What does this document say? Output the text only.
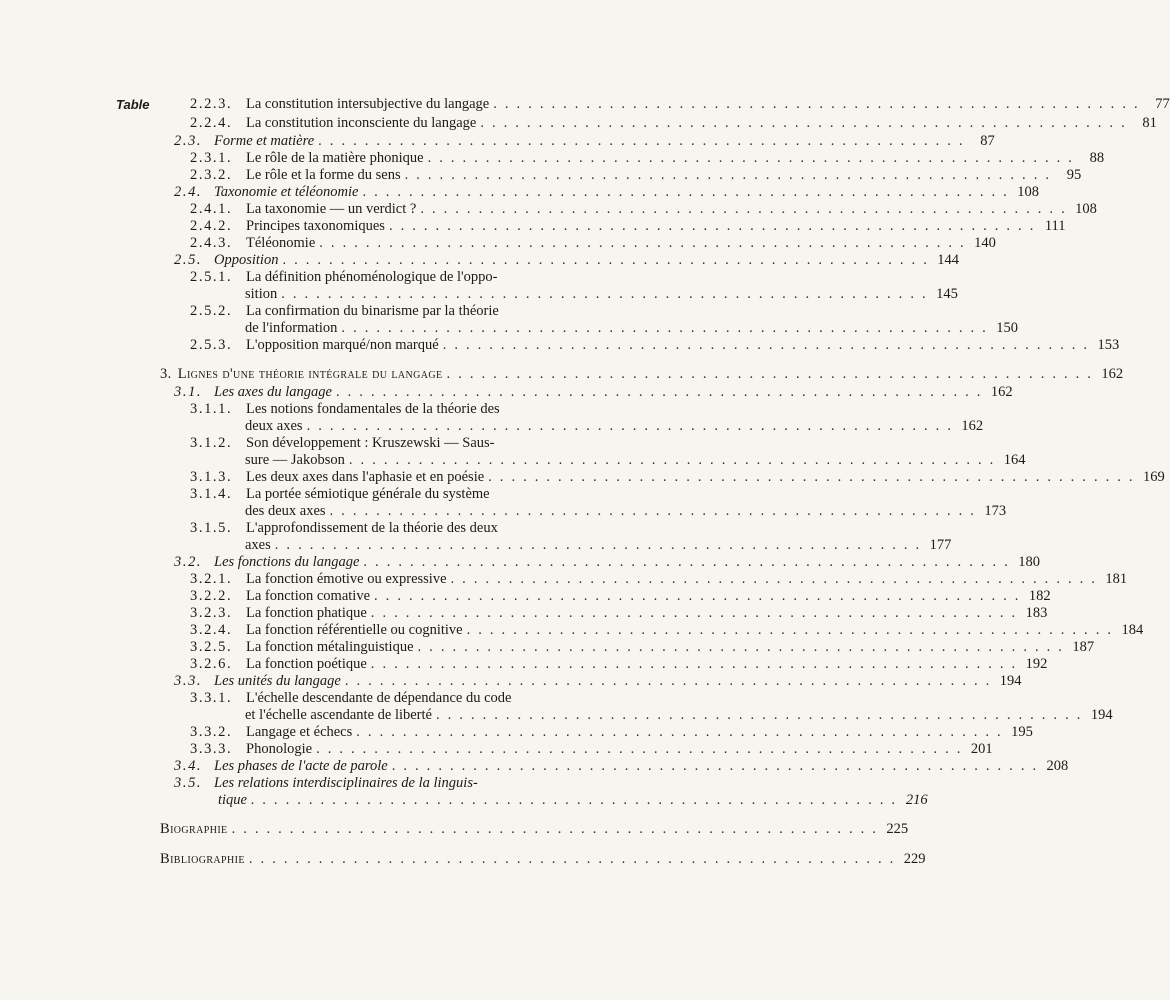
Table	2.2.3. La constitution intersubjective du langage . . . . . . . . . . . . . . . . . . . . . . . . . . . . . . . . . . . . . . . . . . . . . . . . . . . . . . . .	77
2.2.4. La constitution inconsciente du langage . . . . . . . . . . . . . . . . . . . . . . . . . . . . . . . . . . . . . . . . . . . . . . . . . . . . . . . .	81
2.3. Forme et matière . . . . . . . . . . . . . . . . . . . . . . . . . . . . . . . . . . . . . . . . . . . . . . . . . . . . . . . .	87
2.3.1. Le rôle de la matière phonique . . . . . . . . . . . . . . . . . . . . . . . . . . . . . . . . . . . . . . . . . . . . . . . . . . . . . . . .	88
2.3.2. Le rôle et la forme du sens . . . . . . . . . . . . . . . . . . . . . . . . . . . . . . . . . . . . . . . . . . . . . . . . . . . . . . . .	95
2.4. Taxonomie et téléonomie . . . . . . . . . . . . . . . . . . . . . . . . . . . . . . . . . . . . . . . . . . . . . . . . . . . . . . . . 108
2.4.1. La taxonomie — un verdict ? . . . . . . . . . . . . . . . . . . . . . . . . . . . . . . . . . . . . . . . . . . . . . . . . . . . . . . . . 108
2.4.2. Principes taxonomiques . . . . . . . . . . . . . . . . . . . . . . . . . . . . . . . . . . . . . . . . . . . . . . . . . . . . . . . . 111
2.4.3. Téléonomie . . . . . . . . . . . . . . . . . . . . . . . . . . . . . . . . . . . . . . . . . . . . . . . . . . . . . . . . 140
2.5. Opposition . . . . . . . . . . . . . . . . . . . . . . . . . . . . . . . . . . . . . . . . . . . . . . . . . . . . . . . . 144
2.5.1. La définition phénoménologique de l'oppo-
sition . . . . . . . . . . . . . . . . . . . . . . . . . . . . . . . . . . . . . . . . . . . . . . . . . . . . . . . . 145
2.5.2. La confirmation du binarisme par la théorie
de l'information . . . . . . . . . . . . . . . . . . . . . . . . . . . . . . . . . . . . . . . . . . . . . . . . . . . . . . . . 150
2.5.3. L'opposition marqué/non marqué . . . . . . . . . . . . . . . . . . . . . . . . . . . . . . . . . . . . . . . . . . . . . . . . . . . . . . . . 153
3. Lignes d'une théorie intégrale du langage . . . . . . . . . . . . . . . . . . . . . . . . . . . . . . . . . . . . . . . . . . . . . . . . . . . . . . . . 162
3.1. Les axes du langage . . . . . . . . . . . . . . . . . . . . . . . . . . . . . . . . . . . . . . . . . . . . . . . . . . . . . . . . 162
3.1.1. Les notions fondamentales de la théorie des
deux axes . . . . . . . . . . . . . . . . . . . . . . . . . . . . . . . . . . . . . . . . . . . . . . . . . . . . . . . . 162
3.1.2. Son développement : Kruszewski — Saus-
sure — Jakobson . . . . . . . . . . . . . . . . . . . . . . . . . . . . . . . . . . . . . . . . . . . . . . . . . . . . . . . . 164
3.1.3. Les deux axes dans l'aphasie et en poésie . . . . . . . . . . . . . . . . . . . . . . . . . . . . . . . . . . . . . . . . . . . . . . . . . . . . . . . . 169
3.1.4. La portée sémiotique générale du système
des deux axes . . . . . . . . . . . . . . . . . . . . . . . . . . . . . . . . . . . . . . . . . . . . . . . . . . . . . . . . 173
3.1.5. L'approfondissement de la théorie des deux
axes . . . . . . . . . . . . . . . . . . . . . . . . . . . . . . . . . . . . . . . . . . . . . . . . . . . . . . . . 177
3.2. Les fonctions du langage . . . . . . . . . . . . . . . . . . . . . . . . . . . . . . . . . . . . . . . . . . . . . . . . . . . . . . . . 180
3.2.1. La fonction émotive ou expressive . . . . . . . . . . . . . . . . . . . . . . . . . . . . . . . . . . . . . . . . . . . . . . . . . . . . . . . . 181
3.2.2. La fonction comative . . . . . . . . . . . . . . . . . . . . . . . . . . . . . . . . . . . . . . . . . . . . . . . . . . . . . . . . 182
3.2.3. La fonction phatique . . . . . . . . . . . . . . . . . . . . . . . . . . . . . . . . . . . . . . . . . . . . . . . . . . . . . . . . 183
3.2.4. La fonction référentielle ou cognitive . . . . . . . . . . . . . . . . . . . . . . . . . . . . . . . . . . . . . . . . . . . . . . . . . . . . . . . . 184
3.2.5. La fonction métalinguistique . . . . . . . . . . . . . . . . . . . . . . . . . . . . . . . . . . . . . . . . . . . . . . . . . . . . . . . . 187
3.2.6. La fonction poétique . . . . . . . . . . . . . . . . . . . . . . . . . . . . . . . . . . . . . . . . . . . . . . . . . . . . . . . . 192
3.3. Les unités du langage . . . . . . . . . . . . . . . . . . . . . . . . . . . . . . . . . . . . . . . . . . . . . . . . . . . . . . . . 194
3.3.1. L'échelle descendante de dépendance du code
et l'échelle ascendante de liberté . . . . . . . . . . . . . . . . . . . . . . . . . . . . . . . . . . . . . . . . . . . . . . . . . . . . . . . . 194
3.3.2. Langage et échecs . . . . . . . . . . . . . . . . . . . . . . . . . . . . . . . . . . . . . . . . . . . . . . . . . . . . . . . . 195
3.3.3. Phonologie . . . . . . . . . . . . . . . . . . . . . . . . . . . . . . . . . . . . . . . . . . . . . . . . . . . . . . . . 201
3.4. Les phases de l'acte de parole . . . . . . . . . . . . . . . . . . . . . . . . . . . . . . . . . . . . . . . . . . . . . . . . . . . . . . . . 208
3.5. Les relations interdisciplinaires de la linguis-
tique . . . . . . . . . . . . . . . . . . . . . . . . . . . . . . . . . . . . . . . . . . . . . . . . . . . . . . . . 216
Biographie . . . . . . . . . . . . . . . . . . . . . . . . . . . . . . . . . . . . . . . . . . . . . . . . . . . . . . . . 225
Bibliographie . . . . . . . . . . . . . . . . . . . . . . . . . . . . . . . . . . . . . . . . . . . . . . . . . . . . . . . . 229
